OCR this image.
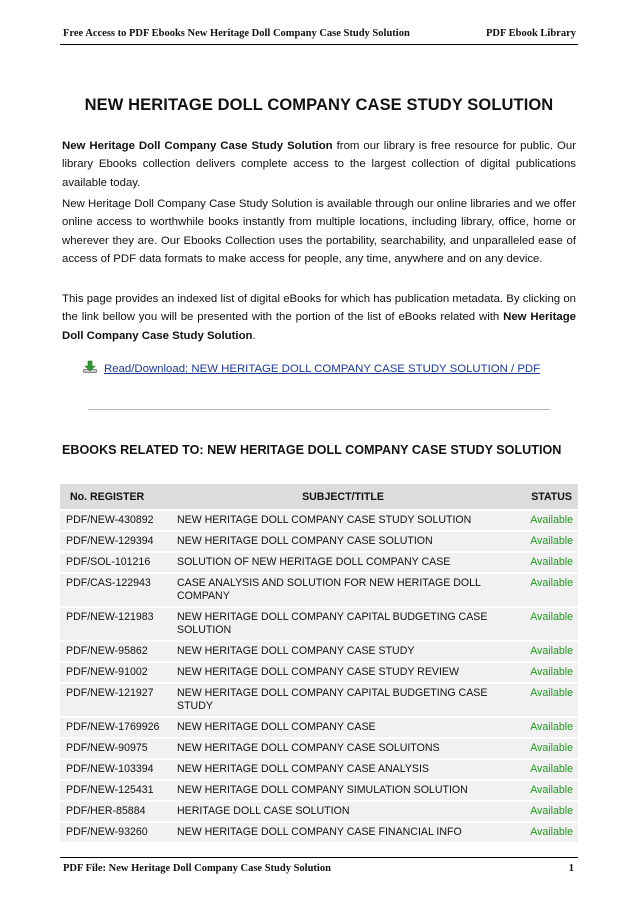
Free Access to PDF Ebooks New Heritage Doll Company Case Study Solution	PDF Ebook Library
NEW HERITAGE DOLL COMPANY CASE STUDY SOLUTION

New Heritage Doll Company Case Study Solution from our library is free resource for public. Our library Ebooks collection delivers complete access to the largest collection of digital publications available today.

New Heritage Doll Company Case Study Solution is available through our online libraries and we offer online access to worthwhile books instantly from multiple locations, including library, office, home or wherever they are. Our Ebooks Collection uses the portability, searchability, and unparalleled ease of access of PDF data formats to make access for people, any time, anywhere and on any device.

This page provides an indexed list of digital eBooks for which has publication metadata. By clicking on the link bellow you will be presented with the portion of the list of eBooks related with New Heritage Doll Company Case Study Solution.

Read/Download: NEW HERITAGE DOLL COMPANY CASE STUDY SOLUTION / PDF
EBOOKS RELATED TO: NEW HERITAGE DOLL COMPANY CASE STUDY SOLUTION
No. REGISTER	SUBJECT/TITLE	STATUS
PDF/NEW-430892	NEW HERITAGE DOLL COMPANY CASE STUDY SOLUTION	Available
PDF/NEW-129394	NEW HERITAGE DOLL COMPANY CASE SOLUTION	Available
PDF/SOL-101216	SOLUTION OF NEW HERITAGE DOLL COMPANY CASE	Available
PDF/CAS-122943	CASE ANALYSIS AND SOLUTION FOR NEW HERITAGE DOLL COMPANY	Available
PDF/NEW-121983	NEW HERITAGE DOLL COMPANY CAPITAL BUDGETING CASE SOLUTION	Available
PDF/NEW-95862	NEW HERITAGE DOLL COMPANY CASE STUDY	Available
PDF/NEW-91002	NEW HERITAGE DOLL COMPANY CASE STUDY REVIEW	Available
PDF/NEW-121927	NEW HERITAGE DOLL COMPANY CAPITAL BUDGETING CASE STUDY	Available
PDF/NEW-1769926	NEW HERITAGE DOLL COMPANY CASE	Available
PDF/NEW-90975	NEW HERITAGE DOLL COMPANY CASE SOLUITONS	Available
PDF/NEW-103394	NEW HERITAGE DOLL COMPANY CASE ANALYSIS	Available
PDF/NEW-125431	NEW HERITAGE DOLL COMPANY SIMULATION SOLUTION	Available
PDF/HER-85884	HERITAGE DOLL CASE SOLUTION	Available
PDF/NEW-93260	NEW HERITAGE DOLL COMPANY CASE FINANCIAL INFO	Available
PDF File: New Heritage Doll Company Case Study Solution	1
